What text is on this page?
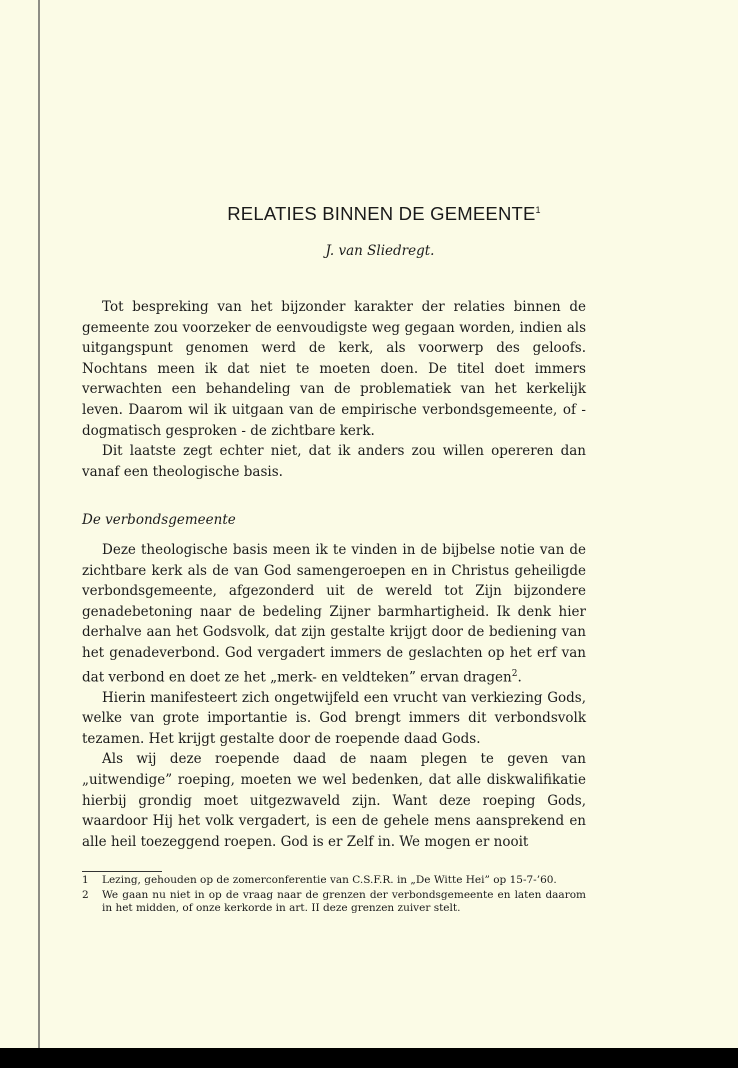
RELATIES BINNEN DE GEMEENTE$^1$
J. van Sliedregt.

Tot bespreking van het bijzonder karakter der relaties binnen de gemeente zou voorzeker de eenvoudigste weg gegaan worden, indien als uitgangspunt genomen werd de kerk, als voorwerp des geloofs. Nochtans meen ik dat niet te moeten doen. De titel doet immers verwachten een behandeling van de problematiek van het kerkelijk leven. Daarom wil ik uitgaan van de empirische verbondsgemeente, of - dogmatisch gesproken - de zichtbare kerk.

Dit laatste zegt echter niet, dat ik anders zou willen opereren dan vanaf een theologische basis.

De verbondsgemeente

Deze theologische basis meen ik te vinden in de bijbelse notie van de zichtbare kerk als de van God samengeroepen en in Christus geheiligde verbondsgemeente, afgezonderd uit de wereld tot Zijn bijzondere genadebetoning naar de bedeling Zijner barmhartigheid. Ik denk hier derhalve aan het Godsvolk, dat zijn gestalte krijgt door de bediening van het genadeverbond. God vergadert immers de geslachten op het erf van dat verbond en doet ze het „merk- en veldteken” ervan dragen$^2$.

Hierin manifesteert zich ongetwijfeld een vrucht van verkiezing Gods, welke van grote importantie is. God brengt immers dit verbondsvolk tezamen. Het krijgt gestalte door de roepende daad Gods.

Als wij deze roepende daad de naam plegen te geven van „uitwendige” roeping, moeten we wel bedenken, dat alle diskwalifikatie hierbij grondig moet uitgezwaveld zijn. Want deze roeping Gods, waardoor Hij het volk vergadert, is een de gehele mens aansprekend en alle heil toezeggend roepen. God is er Zelf in. We mogen er nooit

1	Lezing, gehouden op de zomerconferentie van C.S.F.R. in „De Witte Hei” op 15-7-’60.
2	We gaan nu niet in op de vraag naar de grenzen der verbondsgemeente en laten daarom in het midden, of onze kerkorde in art. II deze grenzen zuiver stelt.
